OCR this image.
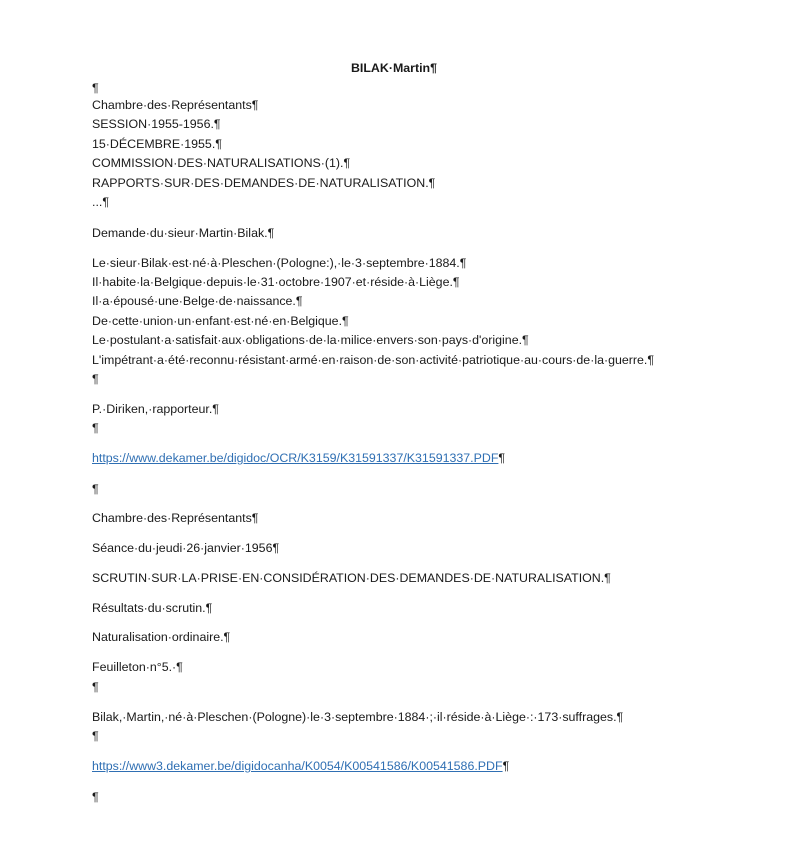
BILAK·Martin¶
¶
Chambre·des·Représentants¶
SESSION·1955-1956.¶
15·DÉCEMBRE·1955.¶
COMMISSION·DES·NATURALISATIONS·(1).¶
RAPPORTS·SUR·DES·DEMANDES·DE·NATURALISATION.¶
...¶
Demande·du·sieur·Martin·Bilak.¶
Le·sieur·Bilak·est·né·à·Pleschen·(Pologne:),·le·3·septembre·1884.¶
Il·habite·la·Belgique·depuis·le·31·octobre·1907·et·réside·à·Liège.¶
Il·a·épousé·une·Belge·de·naissance.¶
De·cette·union·un·enfant·est·né·en·Belgique.¶
Le·postulant·a·satisfait·aux·obligations·de·la·milice·envers·son·pays·d'origine.¶
L'impétrant·a·été·reconnu·résistant·armé·en·raison·de·son·activité·patriotique·au·cours·de·la·guerre.¶
¶
P.·Diriken,·rapporteur.¶
¶
https://www.dekamer.be/digidoc/OCR/K3159/K31591337/K31591337.PDF¶
¶
Chambre·des·Représentants¶
Séance·du·jeudi·26·janvier·1956¶
SCRUTIN·SUR·LA·PRISE·EN·CONSIDÉRATION·DES·DEMANDES·DE·NATURALISATION.¶
Résultats·du·scrutin.¶
Naturalisation·ordinaire.¶
Feuilleton·n°5.·¶
¶
Bilak,·Martin,·né·à·Pleschen·(Pologne)·le·3·septembre·1884·;·il·réside·à·Liège·:·173·suffrages.¶
¶
https://www3.dekamer.be/digidocanha/K0054/K00541586/K00541586.PDF¶
¶
